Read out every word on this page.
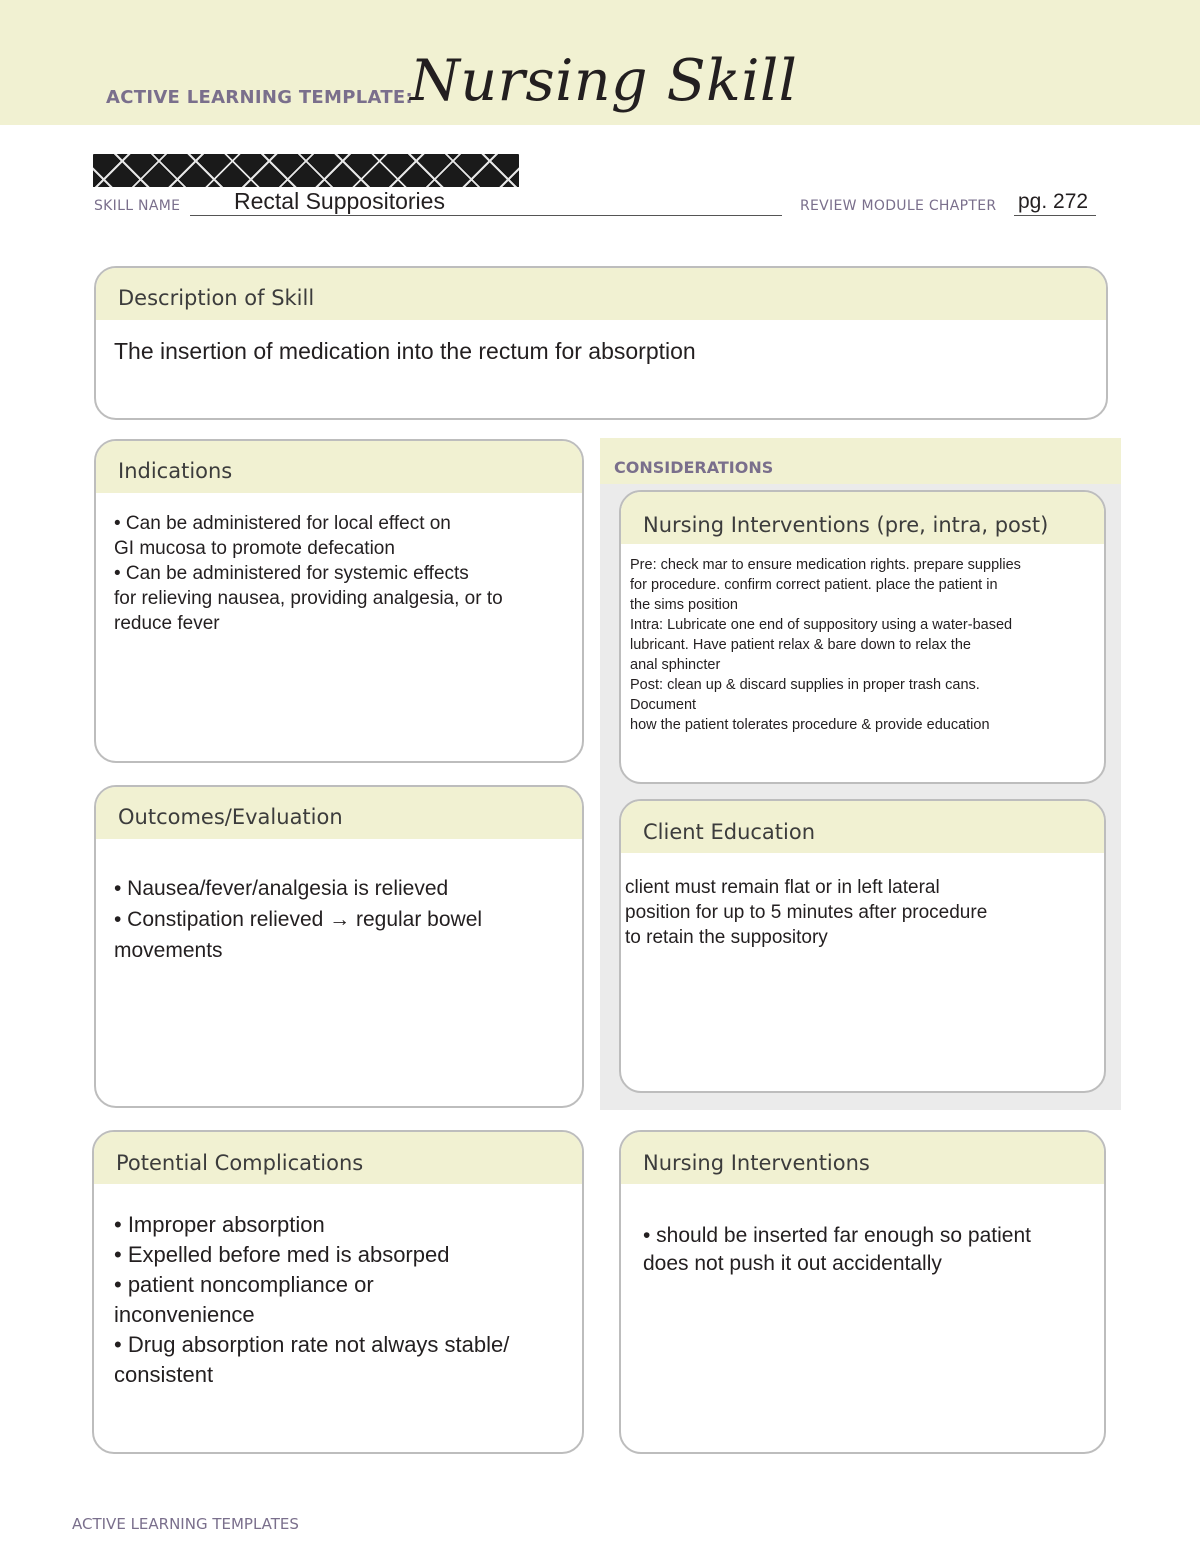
ACTIVE LEARNING TEMPLATE:
Nursing Skill
SKILL NAME Rectal Suppositories	REVIEW MODULE CHAPTER pg. 272
Description of Skill
The insertion of medication into the rectum for absorption
Indications
• Can be administered for local effect on
GI mucosa to promote defecation
• Can be administered for systemic effects
for relieving nausea, providing analgesia, or to
reduce fever
CONSIDERATIONS
Nursing Interventions (pre, intra, post)
Pre: check mar to ensure medication rights. prepare supplies
for procedure. confirm correct patient. place the patient in
the sims position
Intra: Lubricate one end of suppository using a water-based
lubricant. Have patient relax & bare down to relax the
anal sphincter
Post: clean up & discard supplies in proper trash cans.
Document
how the patient tolerates procedure & provide education
Outcomes/Evaluation
• Nausea/fever/analgesia is relieved
• Constipation relieved → regular bowel
movements
Client Education
client must remain flat or in left lateral
position for up to 5 minutes after procedure
to retain the suppository
Potential Complications
• Improper absorption
• Expelled before med is absorped
• patient noncompliance or
inconvenience
• Drug absorption rate not always stable/
consistent
Nursing Interventions
• should be inserted far enough so patient
does not push it out accidentally
ACTIVE LEARNING TEMPLATES
